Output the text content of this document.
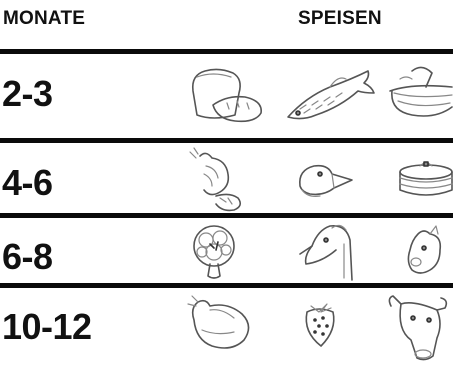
MONATE	SPEISEN
2-3
4-6
6-8
10-12
